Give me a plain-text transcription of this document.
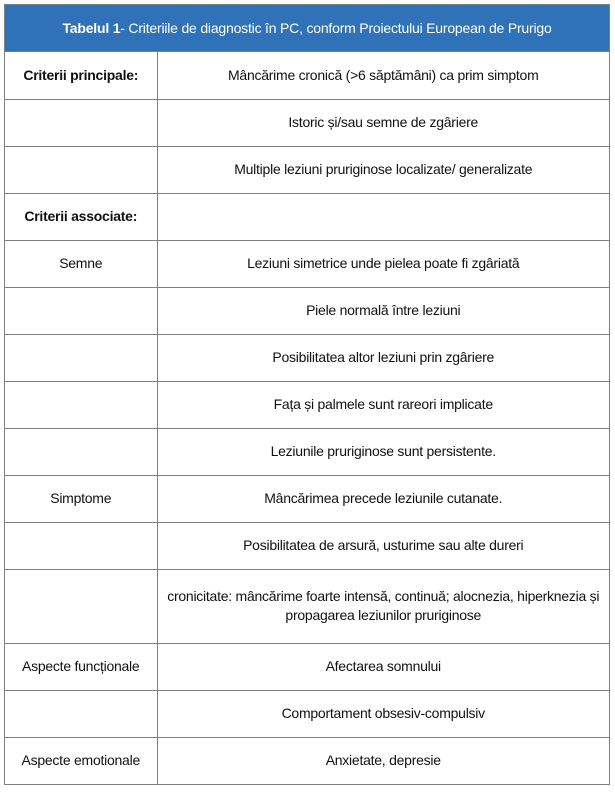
Tabelul 1 - Criteriile de diagnostic în PC, conform Proiectului European de Prurigo
Criterii principale:	Mâncărime cronică (>6 săptămâni) ca prim simptom
	Istoric și/sau semne de zgâriere
	Multiple leziuni pruriginose localizate/ generalizate
Criterii associate:	
Semne	Leziuni simetrice unde pielea poate fi zgâriată
	Piele normală între leziuni
	Posibilitatea altor leziuni prin zgâriere
	Fața și palmele sunt rareori implicate
	Leziunile pruriginose sunt persistente.
Simptome	Mâncărimea precede leziunile cutanate.
	Posibilitatea de arsură, usturime sau alte dureri
	cronicitate: mâncărime foarte intensă, continuă; alocnezia, hiperknezia și propagarea leziunilor pruriginose
Aspecte funcționale	Afectarea somnului
	Comportament obsesiv-compulsiv
Aspecte emotionale	Anxietate, depresie
